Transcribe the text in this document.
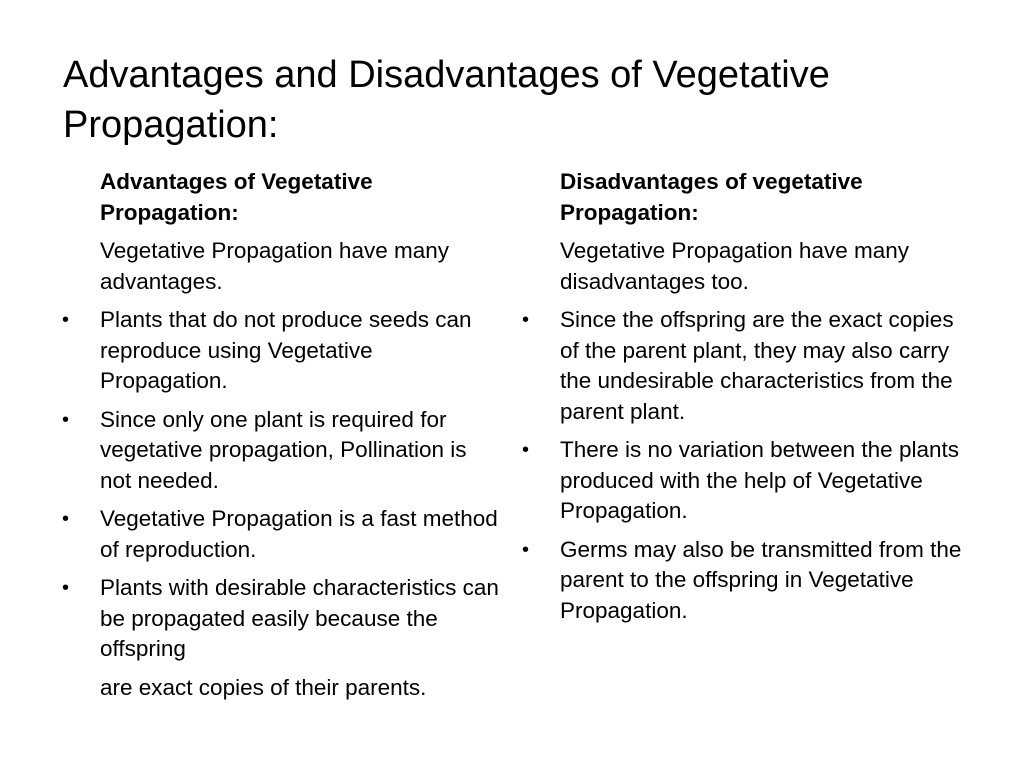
Advantages and Disadvantages of Vegetative Propagation:

Advantages of Vegetative Propagation:

Vegetative Propagation have many advantages.

•	Plants that do not produce seeds can reproduce using Vegetative Propagation.
•	Since only one plant is required for vegetative propagation, Pollination is not needed.
•	Vegetative Propagation is a fast method of reproduction.
•	Plants with desirable characteristics can be propagated easily because the offspring

are exact copies of their parents.

Disadvantages of vegetative Propagation:

Vegetative Propagation have many disadvantages too.

•	Since the offspring are the exact copies of the parent plant, they may also carry the undesirable characteristics from the parent plant.
•	There is no variation between the plants produced with the help of Vegetative Propagation.
•	Germs may also be transmitted from the parent to the offspring in Vegetative Propagation.
